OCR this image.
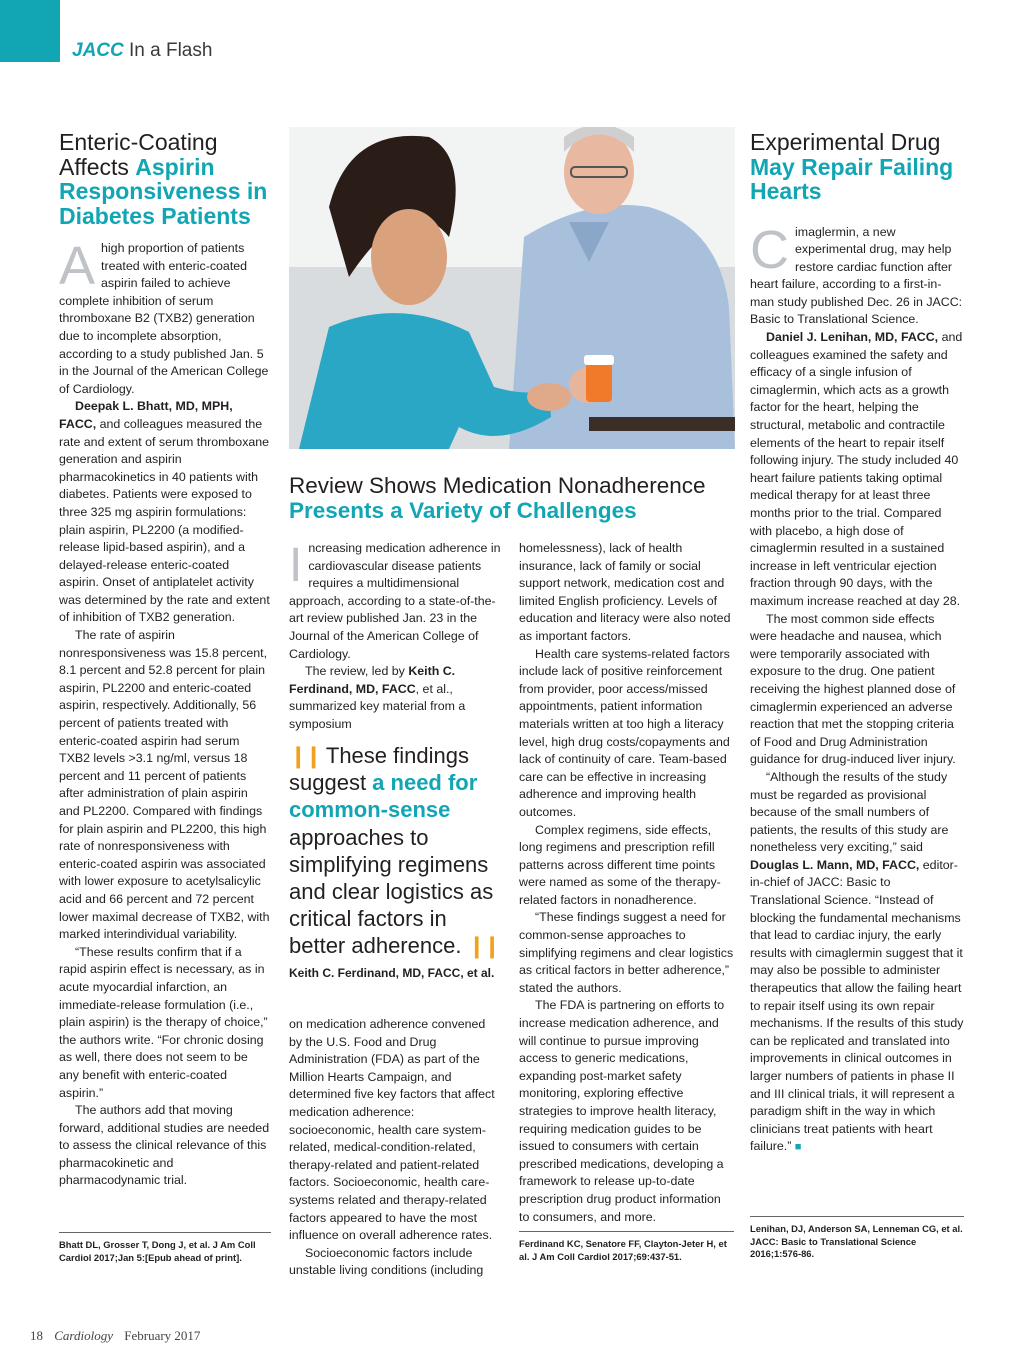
JACC In a Flash
Enteric-Coating Affects Aspirin Responsiveness in Diabetes Patients

Ahigh proportion of patients treated with enteric-coated aspirin failed to achieve complete inhibition of serum thromboxane B2 (TXB2) generation due to incomplete absorption, according to a study published Jan. 5 in the Journal of the American College of Cardiology.

Deepak L. Bhatt, MD, MPH, FACC, and colleagues measured the rate and extent of serum thromboxane generation and aspirin pharmacokinetics in 40 patients with diabetes. Patients were exposed to three 325 mg aspirin formulations: plain aspirin, PL2200 (a modified-release lipid-based aspirin), and a delayed-release enteric-coated aspirin. Onset of antiplatelet activity was determined by the rate and extent of inhibition of TXB2 generation.

The rate of aspirin nonresponsiveness was 15.8 percent, 8.1 percent and 52.8 percent for plain aspirin, PL2200 and enteric-coated aspirin, respectively. Additionally, 56 percent of patients treated with enteric-coated aspirin had serum TXB2 levels >3.1 ng/ml, versus 18 percent and 11 percent of patients after administration of plain aspirin and PL2200. Compared with findings for plain aspirin and PL2200, this high rate of nonresponsiveness with enteric-coated aspirin was associated with lower exposure to acetylsalicylic acid and 66 percent and 72 percent lower maximal decrease of TXB2, with marked interindividual variability.

“These results confirm that if a rapid aspirin effect is necessary, as in acute myocardial infarction, an immediate-release formulation (i.e., plain aspirin) is the therapy of choice,” the authors write. “For chronic dosing as well, there does not seem to be any benefit with enteric-coated aspirin.”

The authors add that moving forward, additional studies are needed to assess the clinical relevance of this pharmacokinetic and pharmacodynamic trial.

Bhatt DL, Grosser T, Dong J, et al. J Am Coll Cardiol 2017;Jan 5:[Epub ahead of print].
Review Shows Medication Nonadherence
Presents a Variety of Challenges

Increasing medication adherence in cardiovascular disease patients requires a multidimensional approach, according to a state-of-the-art review published Jan. 23 in the Journal of the American College of Cardiology.

The review, led by Keith C. Ferdinand, MD, FACC, et al., summarized key material from a symposium

❙❙ These findings suggest a need for common-sense approaches to simplifying regimens and clear logistics as critical factors in better adherence. ❙❙
Keith C. Ferdinand, MD, FACC, et al.

on medication adherence convened by the U.S. Food and Drug Administration (FDA) as part of the Million Hearts Campaign, and determined five key factors that affect medication adherence: socioeconomic, health care system-related, medical-condition-related, therapy-related and patient-related factors. Socioeconomic, health care-systems related and therapy-related factors appeared to have the most influence on overall adherence rates.

Socioeconomic factors include unstable living conditions (including

homelessness), lack of health insurance, lack of family or social support network, medication cost and limited English proficiency. Levels of education and literacy were also noted as important factors.

Health care systems-related factors include lack of positive reinforcement from provider, poor access/missed appointments, patient information materials written at too high a literacy level, high drug costs/copayments and lack of continuity of care. Team-based care can be effective in increasing adherence and improving health outcomes.

Complex regimens, side effects, long regimens and prescription refill patterns across different time points were named as some of the therapy-related factors in nonadherence.

“These findings suggest a need for common-sense approaches to simplifying regimens and clear logistics as critical factors in better adherence,” stated the authors.

The FDA is partnering on efforts to increase medication adherence, and will continue to pursue improving access to generic medications, expanding post-market safety monitoring, exploring effective strategies to improve health literacy, requiring medication guides to be issued to consumers with certain prescribed medications, developing a framework to release up-to-date prescription drug product information to consumers, and more.

Ferdinand KC, Senatore FF, Clayton-Jeter H, et al. J Am Coll Cardiol 2017;69:437-51.
Experimental Drug
May Repair Failing Hearts

Cimaglermin, a new experimental drug, may help restore cardiac function after heart failure, according to a first-in-man study published Dec. 26 in JACC: Basic to Translational Science.

Daniel J. Lenihan, MD, FACC, and colleagues examined the safety and efficacy of a single infusion of cimaglermin, which acts as a growth factor for the heart, helping the structural, metabolic and contractile elements of the heart to repair itself following injury. The study included 40 heart failure patients taking optimal medical therapy for at least three months prior to the trial. Compared with placebo, a high dose of cimaglermin resulted in a sustained increase in left ventricular ejection fraction through 90 days, with the maximum increase reached at day 28.

The most common side effects were headache and nausea, which were temporarily associated with exposure to the drug. One patient receiving the highest planned dose of cimaglermin experienced an adverse reaction that met the stopping criteria of Food and Drug Administration guidance for drug-induced liver injury.

“Although the results of the study must be regarded as provisional because of the small numbers of patients, the results of this study are nonetheless very exciting,” said Douglas L. Mann, MD, FACC, editor-in-chief of JACC: Basic to Translational Science. “Instead of blocking the fundamental mechanisms that lead to cardiac injury, the early results with cimaglermin suggest that it may also be possible to administer therapeutics that allow the failing heart to repair itself using its own repair mechanisms. If the results of this study can be replicated and translated into improvements in clinical outcomes in larger numbers of patients in phase II and III clinical trials, it will represent a paradigm shift in the way in which clinicians treat patients with heart failure.” ■

Lenihan, DJ, Anderson SA, Lenneman CG, et al. JACC: Basic to Translational Science 2016;1:576-86.
18 Cardiology February 2017
